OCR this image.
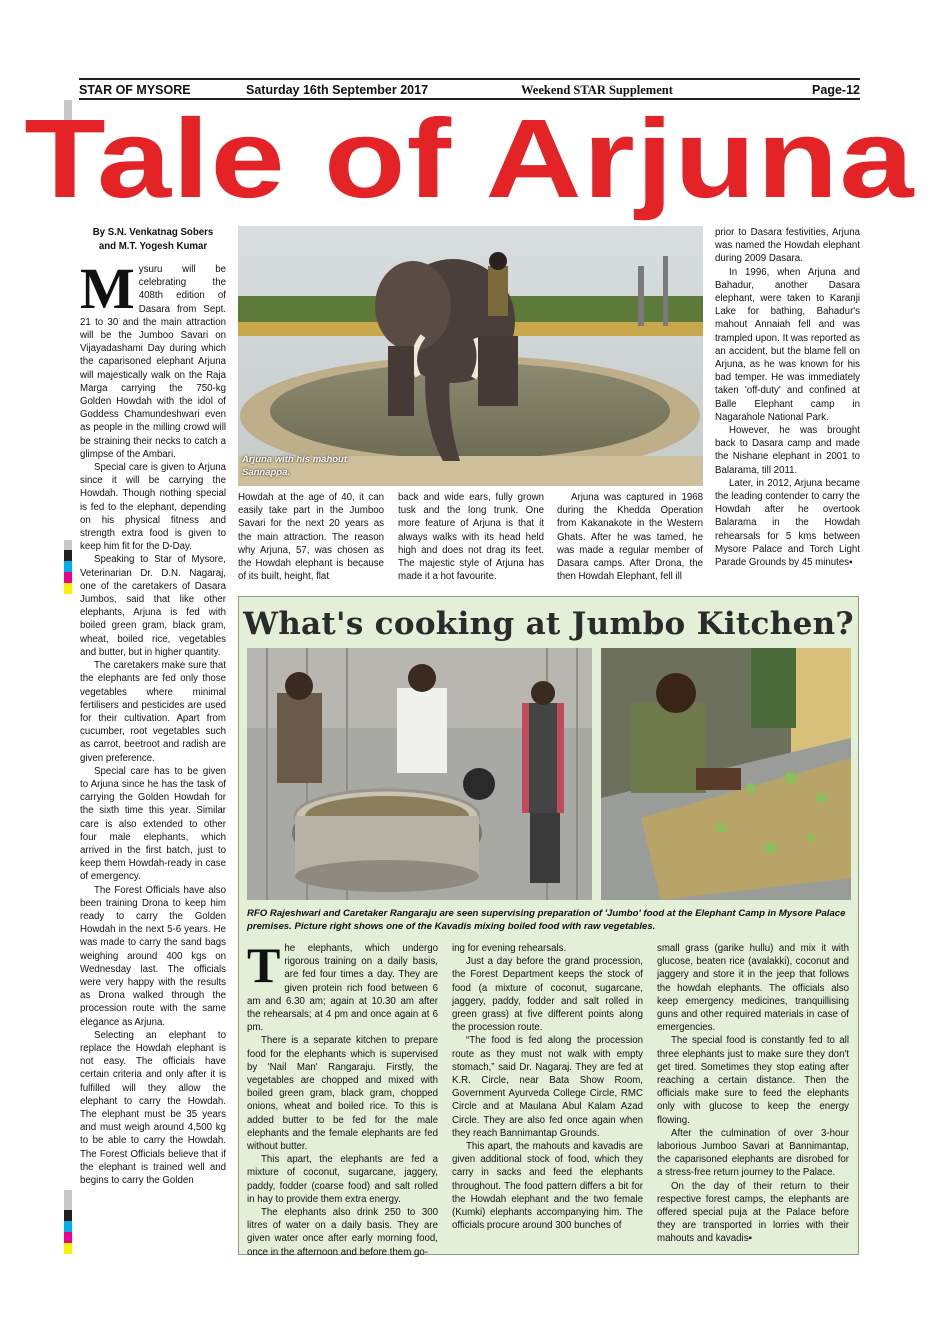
STAR OF MYSORE	Saturday 16th September 2017	Weekend STAR Supplement	Page-12
Tale of Arjuna
By S.N. Venkatnag Sobers
and M.T. Yogesh Kumar
M ysuru will be celebrating the 408th edition of Dasara from Sept. 21 to 30 and the main attraction will be the Jumboo Savari on Vijayadashami Day during which the caparisoned elephant Arjuna will majestically walk on the Raja Marga carrying the 750-kg Golden Howdah with the idol of Goddess Chamundeshwari even as people in the milling crowd will be straining their necks to catch a glimpse of the Ambari.

Special care is given to Arjuna since it will be carrying the Howdah. Though nothing special is fed to the elephant, depending on his physical fitness and strength extra food is given to keep him fit for the D-Day.

Speaking to Star of Mysore, Veterinarian Dr. D.N. Nagaraj, one of the caretakers of Dasara Jumbos, said that like other elephants, Arjuna is fed with boiled green gram, black gram, wheat, boiled rice, vegetables and butter, but in higher quantity.

The caretakers make sure that the elephants are fed only those vegetables where minimal fertilisers and pesticides are used for their cultivation. Apart from cucumber, root vegetables such as carrot, beetroot and radish are given preference.

Special care has to be given to Arjuna since he has the task of carrying the Golden Howdah for the sixth time this year. Similar care is also extended to other four male elephants, which arrived in the first batch, just to keep them Howdah-ready in case of emergency.

The Forest Officials have also been training Drona to keep him ready to carry the Golden Howdah in the next 5-6 years. He was made to carry the sand bags weighing around 400 kgs on Wednesday last. The officials were very happy with the results as Drona walked through the procession route with the same elegance as Arjuna.

Selecting an elephant to replace the Howdah elephant is not easy. The officials have certain criteria and only after it is fulfilled will they allow the elephant to carry the Howdah. The elephant must be 35 years and must weigh around 4,500 kg to be able to carry the Howdah. The Forest Officials believe that if the elephant is trained well and begins to carry the Golden

Arjuna with his mahout Sannappa.

Howdah at the age of 40, it can easily take part in the Jumboo Savari for the next 20 years as the main attraction. The reason why Arjuna, 57, was chosen as the Howdah elephant is because of its built, height, flat

back and wide ears, fully grown tusk and the long trunk. One more feature of Arjuna is that it always walks with its head held high and does not drag its feet. The majestic style of Arjuna has made it a hot favourite.

Arjuna was captured in 1968 during the Khedda Operation from Kakanakote in the Western Ghats. After he was tamed, he was made a regular member of Dasara camps. After Drona, the then Howdah Elephant, fell ill

prior to Dasara festivities, Arjuna was named the Howdah elephant during 2009 Dasara.

In 1996, when Arjuna and Bahadur, another Dasara elephant, were taken to Karanji Lake for bathing, Bahadur's mahout Annaiah fell and was trampled upon. It was reported as an accident, but the blame fell on Arjuna, as he was known for his bad temper. He was immediately taken 'off-duty' and confined at Balle Elephant camp in Nagarahole National Park.

However, he was brought back to Dasara camp and made the Nishane elephant in 2001 to Balarama, till 2011.

Later, in 2012, Arjuna became the leading contender to carry the Howdah after he overtook Balarama in the Howdah rehearsals for 5 kms between Mysore Palace and Torch Light Parade Grounds by 45 minutes▪

What's cooking at Jumbo Kitchen?
RFO Rajeshwari and Caretaker Rangaraju are seen supervising preparation of 'Jumbo' food at the Elephant Camp in Mysore Palace premises. Picture right shows one of the Kavadis mixing boiled food with raw vegetables.
T he elephants, which undergo rigorous training on a daily basis, are fed four times a day. They are given protein rich food between 6 am and 6.30 am; again at 10.30 am after the rehearsals; at 4 pm and once again at 6 pm.

There is a separate kitchen to prepare food for the elephants which is supervised by 'Nail Man' Rangaraju. Firstly, the vegetables are chopped and mixed with boiled green gram, black gram, chopped onions, wheat and boiled rice. To this is added butter to be fed for the male elephants and the female elephants are fed without butter.

This apart, the elephants are fed a mixture of coconut, sugarcane, jaggery, paddy, fodder (coarse food) and salt rolled in hay to provide them extra energy.

The elephants also drink 250 to 300 litres of water on a daily basis. They are given water once after early morning food, once in the afternoon and before them go-

ing for evening rehearsals.

Just a day before the grand procession, the Forest Department keeps the stock of food (a mixture of coconut, sugarcane, jaggery, paddy, fodder and salt rolled in green grass) at five different points along the procession route.

“The food is fed along the procession route as they must not walk with empty stomach,” said Dr. Nagaraj. They are fed at K.R. Circle, near Bata Show Room, Government Ayurveda College Circle, RMC Circle and at Maulana Abul Kalam Azad Circle. They are also fed once again when they reach Bannimantap Grounds.

This apart, the mahouts and kavadis are given additional stock of food, which they carry in sacks and feed the elephants throughout. The food pattern differs a bit for the Howdah elephant and the two female (Kumki) elephants accompanying him. The officials procure around 300 bunches of

small grass (garike hullu) and mix it with glucose, beaten rice (avalakki), coconut and jaggery and store it in the jeep that follows the howdah elephants. The officials also keep emergency medicines, tranquillising guns and other required materials in case of emergencies.

The special food is constantly fed to all three elephants just to make sure they don't get tired. Sometimes they stop eating after reaching a certain distance. Then the officials make sure to feed the elephants only with glucose to keep the energy flowing.

After the culmination of over 3-hour laborious Jumboo Savari at Bannimantap, the caparisoned elephants are disrobed for a stress-free return journey to the Palace.

On the day of their return to their respective forest camps, the elephants are offered special puja at the Palace before they are transported in lorries with their mahouts and kavadis▪
